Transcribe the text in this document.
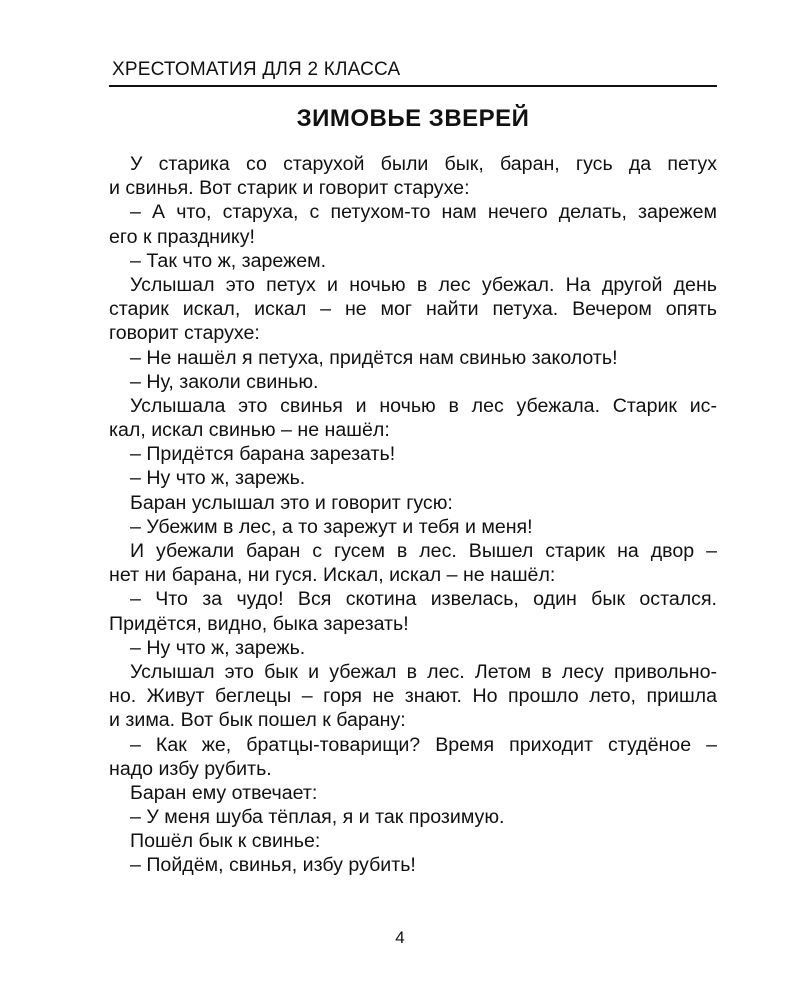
ХРЕСТОМАТИЯ ДЛЯ 2 КЛАССА
ЗИМОВЬЕ ЗВЕРЕЙ
У старика со старухой были бык, баран, гусь да петух
и свинья. Вот старик и говорит старухе:
– А что, старуха, с петухом-то нам нечего делать, зарежем
его к празднику!
– Так что ж, зарежем.
Услышал это петух и ночью в лес убежал. На другой день
старик искал, искал – не мог найти петуха. Вечером опять
говорит старухе:
– Не нашёл я петуха, придётся нам свинью заколоть!
– Ну, заколи свинью.
Услышала это свинья и ночью в лес убежала. Старик ис-
кал, искал свинью – не нашёл:
– Придётся барана зарезать!
– Ну что ж, зарежь.
Баран услышал это и говорит гусю:
– Убежим в лес, а то зарежут и тебя и меня!
И убежали баран с гусем в лес. Вышел старик на двор –
нет ни барана, ни гуся. Искал, искал – не нашёл:
– Что за чудо! Вся скотина извелась, один бык остался.
Придётся, видно, быка зарезать!
– Ну что ж, зарежь.
Услышал это бык и убежал в лес. Летом в лесу привольно-
но. Живут беглецы – горя не знают. Но прошло лето, пришла
и зима. Вот бык пошел к барану:
– Как же, братцы-товарищи? Время приходит студёное –
надо избу рубить.
Баран ему отвечает:
– У меня шуба тёплая, я и так прозимую.
Пошёл бык к свинье:
– Пойдём, свинья, избу рубить!
4
